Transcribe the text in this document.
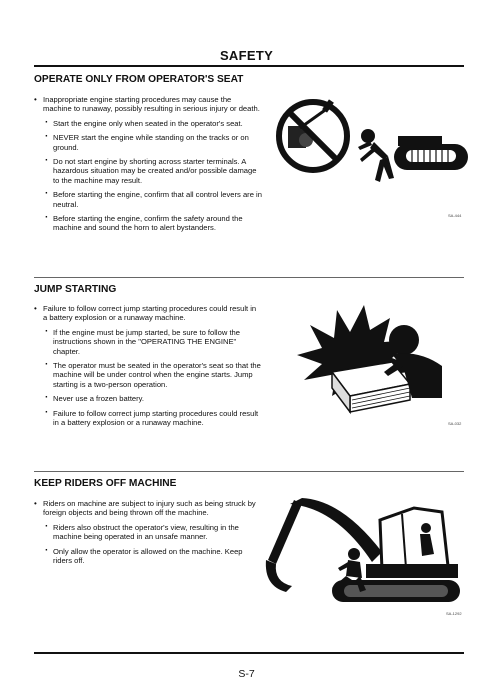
SAFETY
OPERATE ONLY FROM OPERATOR'S SEAT
• Inappropriate engine starting procedures may cause the machine to runaway, possibly resulting in serious injury or death.
· Start the engine only when seated in the operator's seat.
· NEVER start the engine while standing on the tracks or on ground.
· Do not start engine by shorting across starter terminals. A hazardous situation may be created and/or possible damage to the machine may result.
· Before starting the engine, confirm that all control levers are in neutral.
· Before starting the engine, confirm the safety around the machine and sound the horn to alert bystanders.
SA-444
JUMP STARTING
• Failure to follow correct jump starting procedures could result in a battery explosion or a runaway machine.
· If the engine must be jump started, be sure to follow the instructions shown in the "OPERATING THE ENGINE" chapter.
· The operator must be seated in the operator's seat so that the machine will be under control when the engine starts. Jump starting is a two-person operation.
· Never use a frozen battery.
· Failure to follow correct jump starting procedures could result in a battery explosion or a runaway machine.	SA-032
KEEP RIDERS OFF MACHINE
• Riders on machine are subject to injury such as being struck by foreign objects and being thrown off the machine.
· Riders also obstruct the operator's view, resulting in the machine being operated in an unsafe manner.
· Only allow the operator is allowed on the machine. Keep riders off.
SA-1292
S-7
